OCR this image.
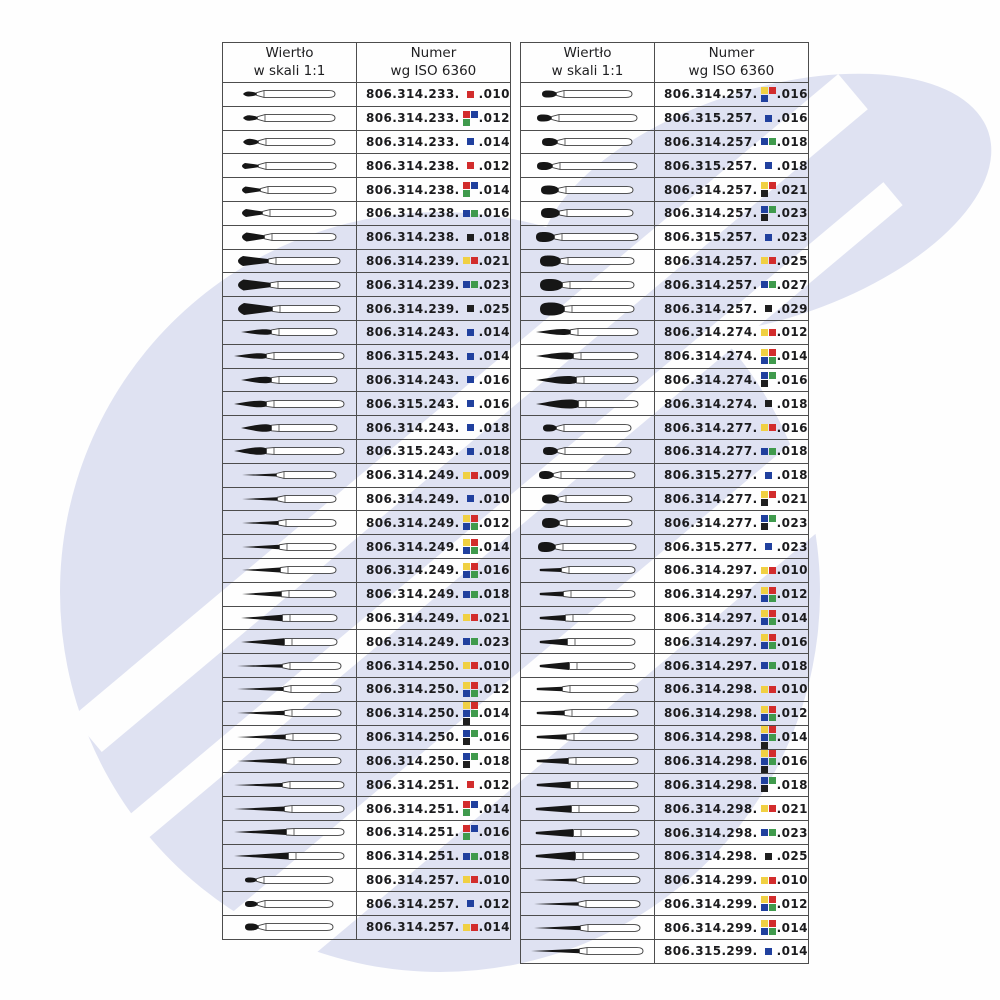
Wiertło
w skali 1:1

Numer
wg ISO 6360

806.314.233. .010

806.314.233. .012

806.314.233. .014

806.314.238. .012

806.314.238. .014

806.314.238. .016

806.314.238. .018

806.314.239. .021

806.314.239. .023

806.314.239. .025

806.314.243. .014

806.315.243. .014

806.314.243. .016

806.315.243. .016

806.314.243. .018

806.315.243. .018

806.314.249. .009

806.314.249. .010

806.314.249. .012

806.314.249. .014

806.314.249. .016

806.314.249. .018

806.314.249. .021

806.314.249. .023

806.314.250. .010

806.314.250. .012

806.314.250. .014

806.314.250. .016

806.314.250. .018

806.314.251. .012

806.314.251. .014

806.314.251. .016

806.314.251. .018

806.314.257. .010

806.314.257. .012

806.314.257. .014
Wiertło
w skali 1:1

Numer
wg ISO 6360

806.314.257. .016

806.315.257. .016

806.314.257. .018

806.315.257. .018

806.314.257. .021

806.314.257. .023

806.315.257. .023

806.314.257. .025

806.314.257. .027

806.314.257. .029

806.314.274. .012

806.314.274. .014

806.314.274. .016

806.314.274. .018

806.314.277. .016

806.314.277. .018

806.315.277. .018

806.314.277. .021

806.314.277. .023

806.315.277. .023

806.314.297. .010

806.314.297. .012

806.314.297. .014

806.314.297. .016

806.314.297. .018

806.314.298. .010

806.314.298. .012

806.314.298. .014

806.314.298. .016

806.314.298. .018

806.314.298. .021

806.314.298. .023

806.314.298. .025

806.314.299. .010

806.314.299. .012

806.314.299. .014

806.315.299. .014
